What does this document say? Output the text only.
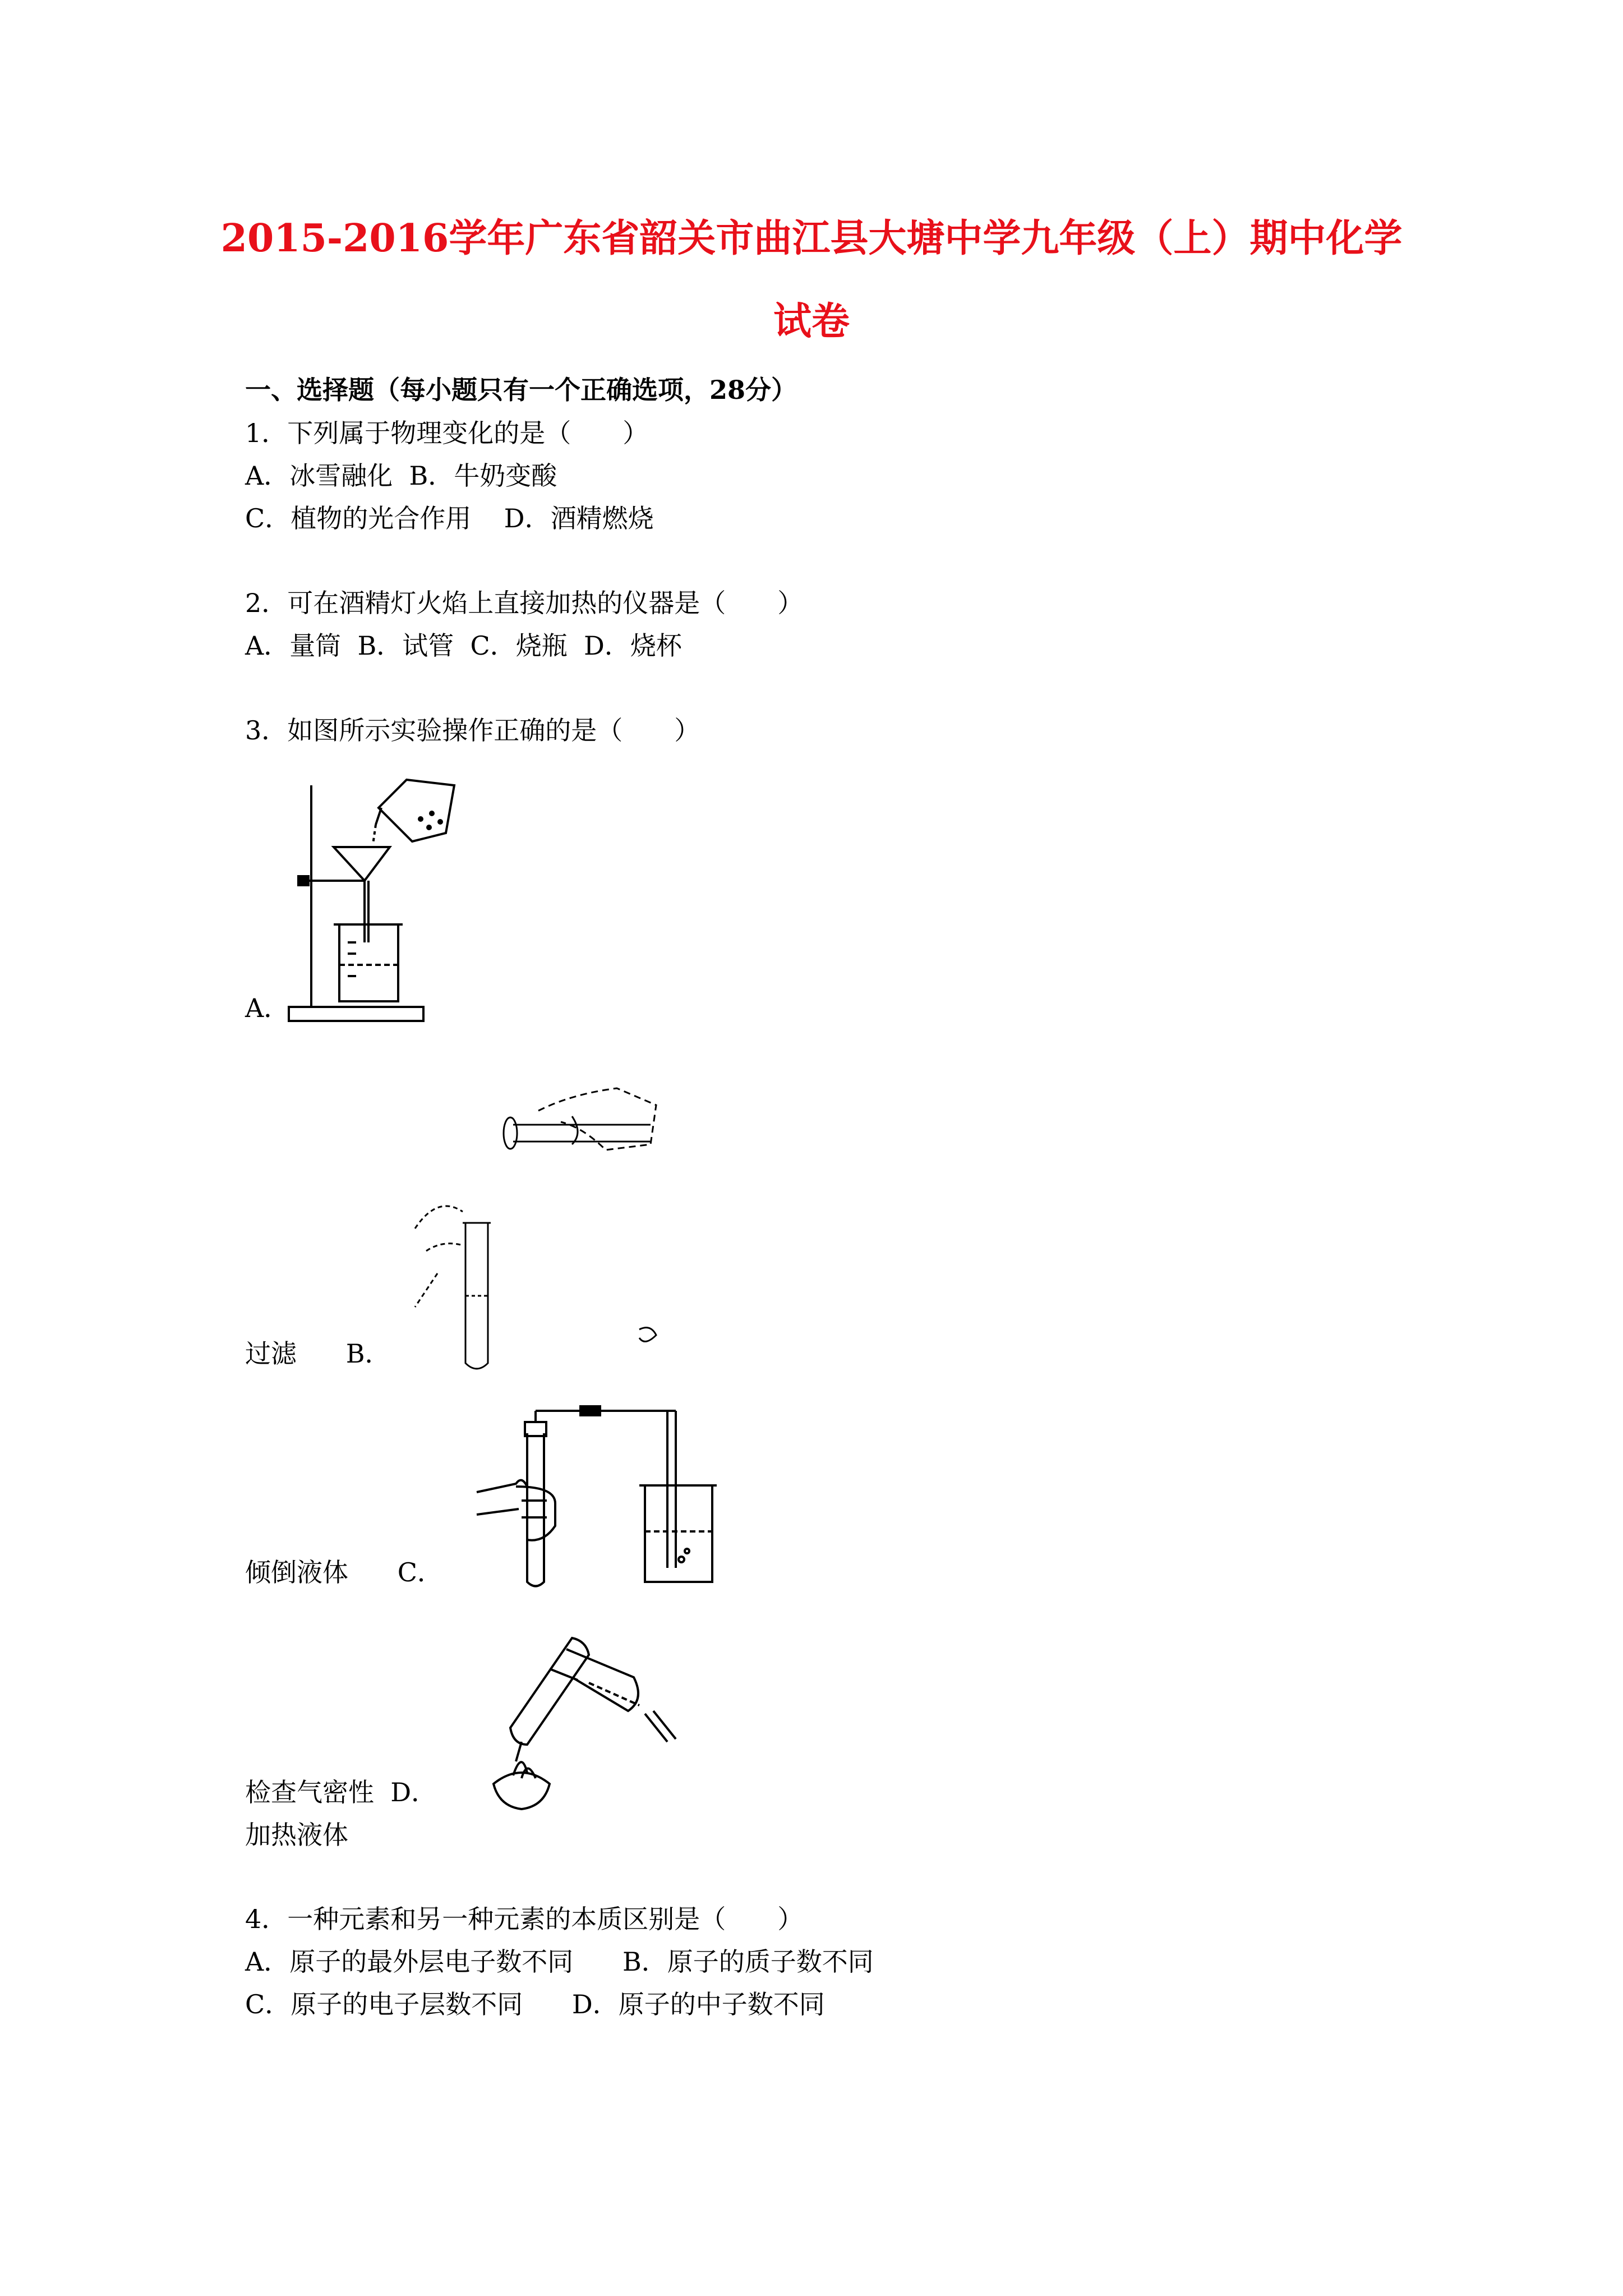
2015-2016学年广东省韶关市曲江县大塘中学九年级（上）期中化学
试卷
一、选择题（每小题只有一个正确选项，28分）
1．下列属于物理变化的是（　　）
A．冰雪融化  B．牛奶变酸
C．植物的光合作用    D．酒精燃烧
2．可在酒精灯火焰上直接加热的仪器是（　　）
A．量筒  B．试管  C．烧瓶  D．烧杯
3．如图所示实验操作正确的是（　　）
A．
过滤      B．
倾倒液体      C．
检查气密性  D．
加热液体
4．一种元素和另一种元素的本质区别是（　　）
A．原子的最外层电子数不同      B．原子的质子数不同
C．原子的电子层数不同      D．原子的中子数不同
